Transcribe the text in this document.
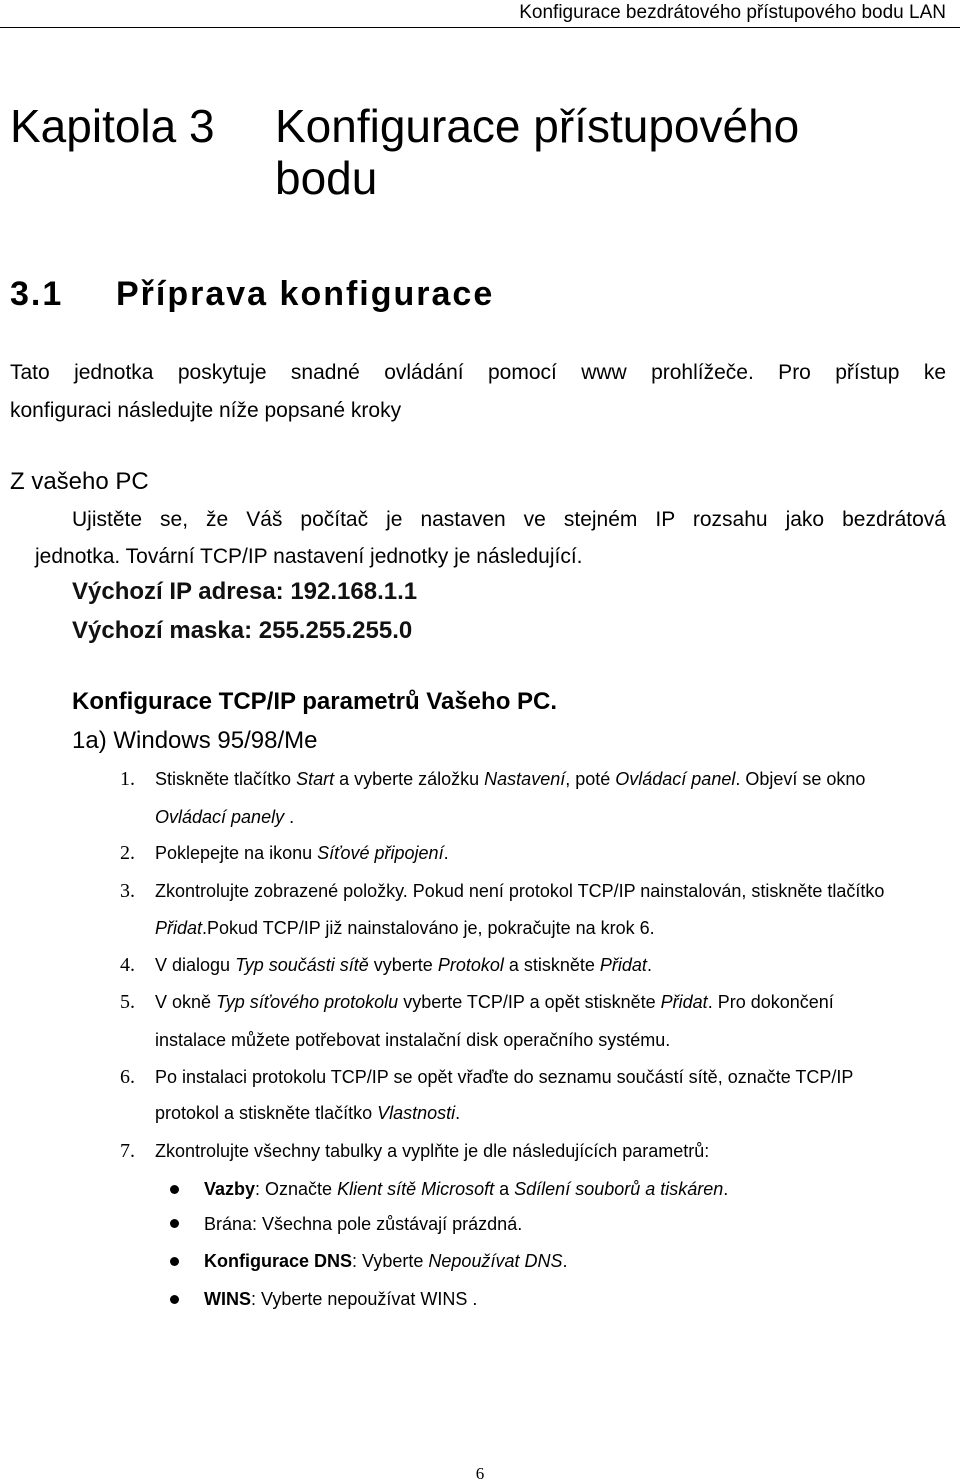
Konfigurace bezdrátového přístupového bodu LAN
Kapitola 3 Konfigurace přístupového
bodu
3.1 Příprava konfigurace
Tato jednotka poskytuje snadné ovládání pomocí www prohlížeče. Pro přístup ke
konfiguraci následujte níže popsané kroky
Z vašeho PC
Ujistěte se, že Váš počítač je nastaven ve stejném IP rozsahu jako bezdrátová
jednotka. Tovární TCP/IP nastavení jednotky je následující.
Výchozí IP adresa: 192.168.1.1
Výchozí maska: 255.255.255.0
Konfigurace TCP/IP parametrů Vašeho PC.
1a) Windows 95/98/Me
1. Stiskněte tlačítko Start a vyberte záložku Nastavení, poté Ovládací panel. Objeví se okno
Ovládací panely .
2. Poklepejte na ikonu Síťové připojení.
3. Zkontrolujte zobrazené položky. Pokud není protokol TCP/IP nainstalován, stiskněte tlačítko
Přidat.Pokud TCP/IP již nainstalováno je, pokračujte na krok 6.
4. V dialogu Typ součásti sítě vyberte Protokol a stiskněte Přidat.
5. V okně Typ síťového protokolu vyberte TCP/IP a opět stiskněte Přidat. Pro dokončení
instalace můžete potřebovat instalační disk operačního systému.
6. Po instalaci protokolu TCP/IP se opět vřaďte do seznamu součástí sítě, označte TCP/IP
protokol a stiskněte tlačítko Vlastnosti.
7. Zkontrolujte všechny tabulky a vyplňte je dle následujících parametrů:
Vazby: Označte Klient sítě Microsoft a Sdílení souborů a tiskáren.
Brána: Všechna pole zůstávají prázdná.
Konfigurace DNS: Vyberte Nepoužívat DNS.
WINS: Vyberte nepoužívat WINS .
6
